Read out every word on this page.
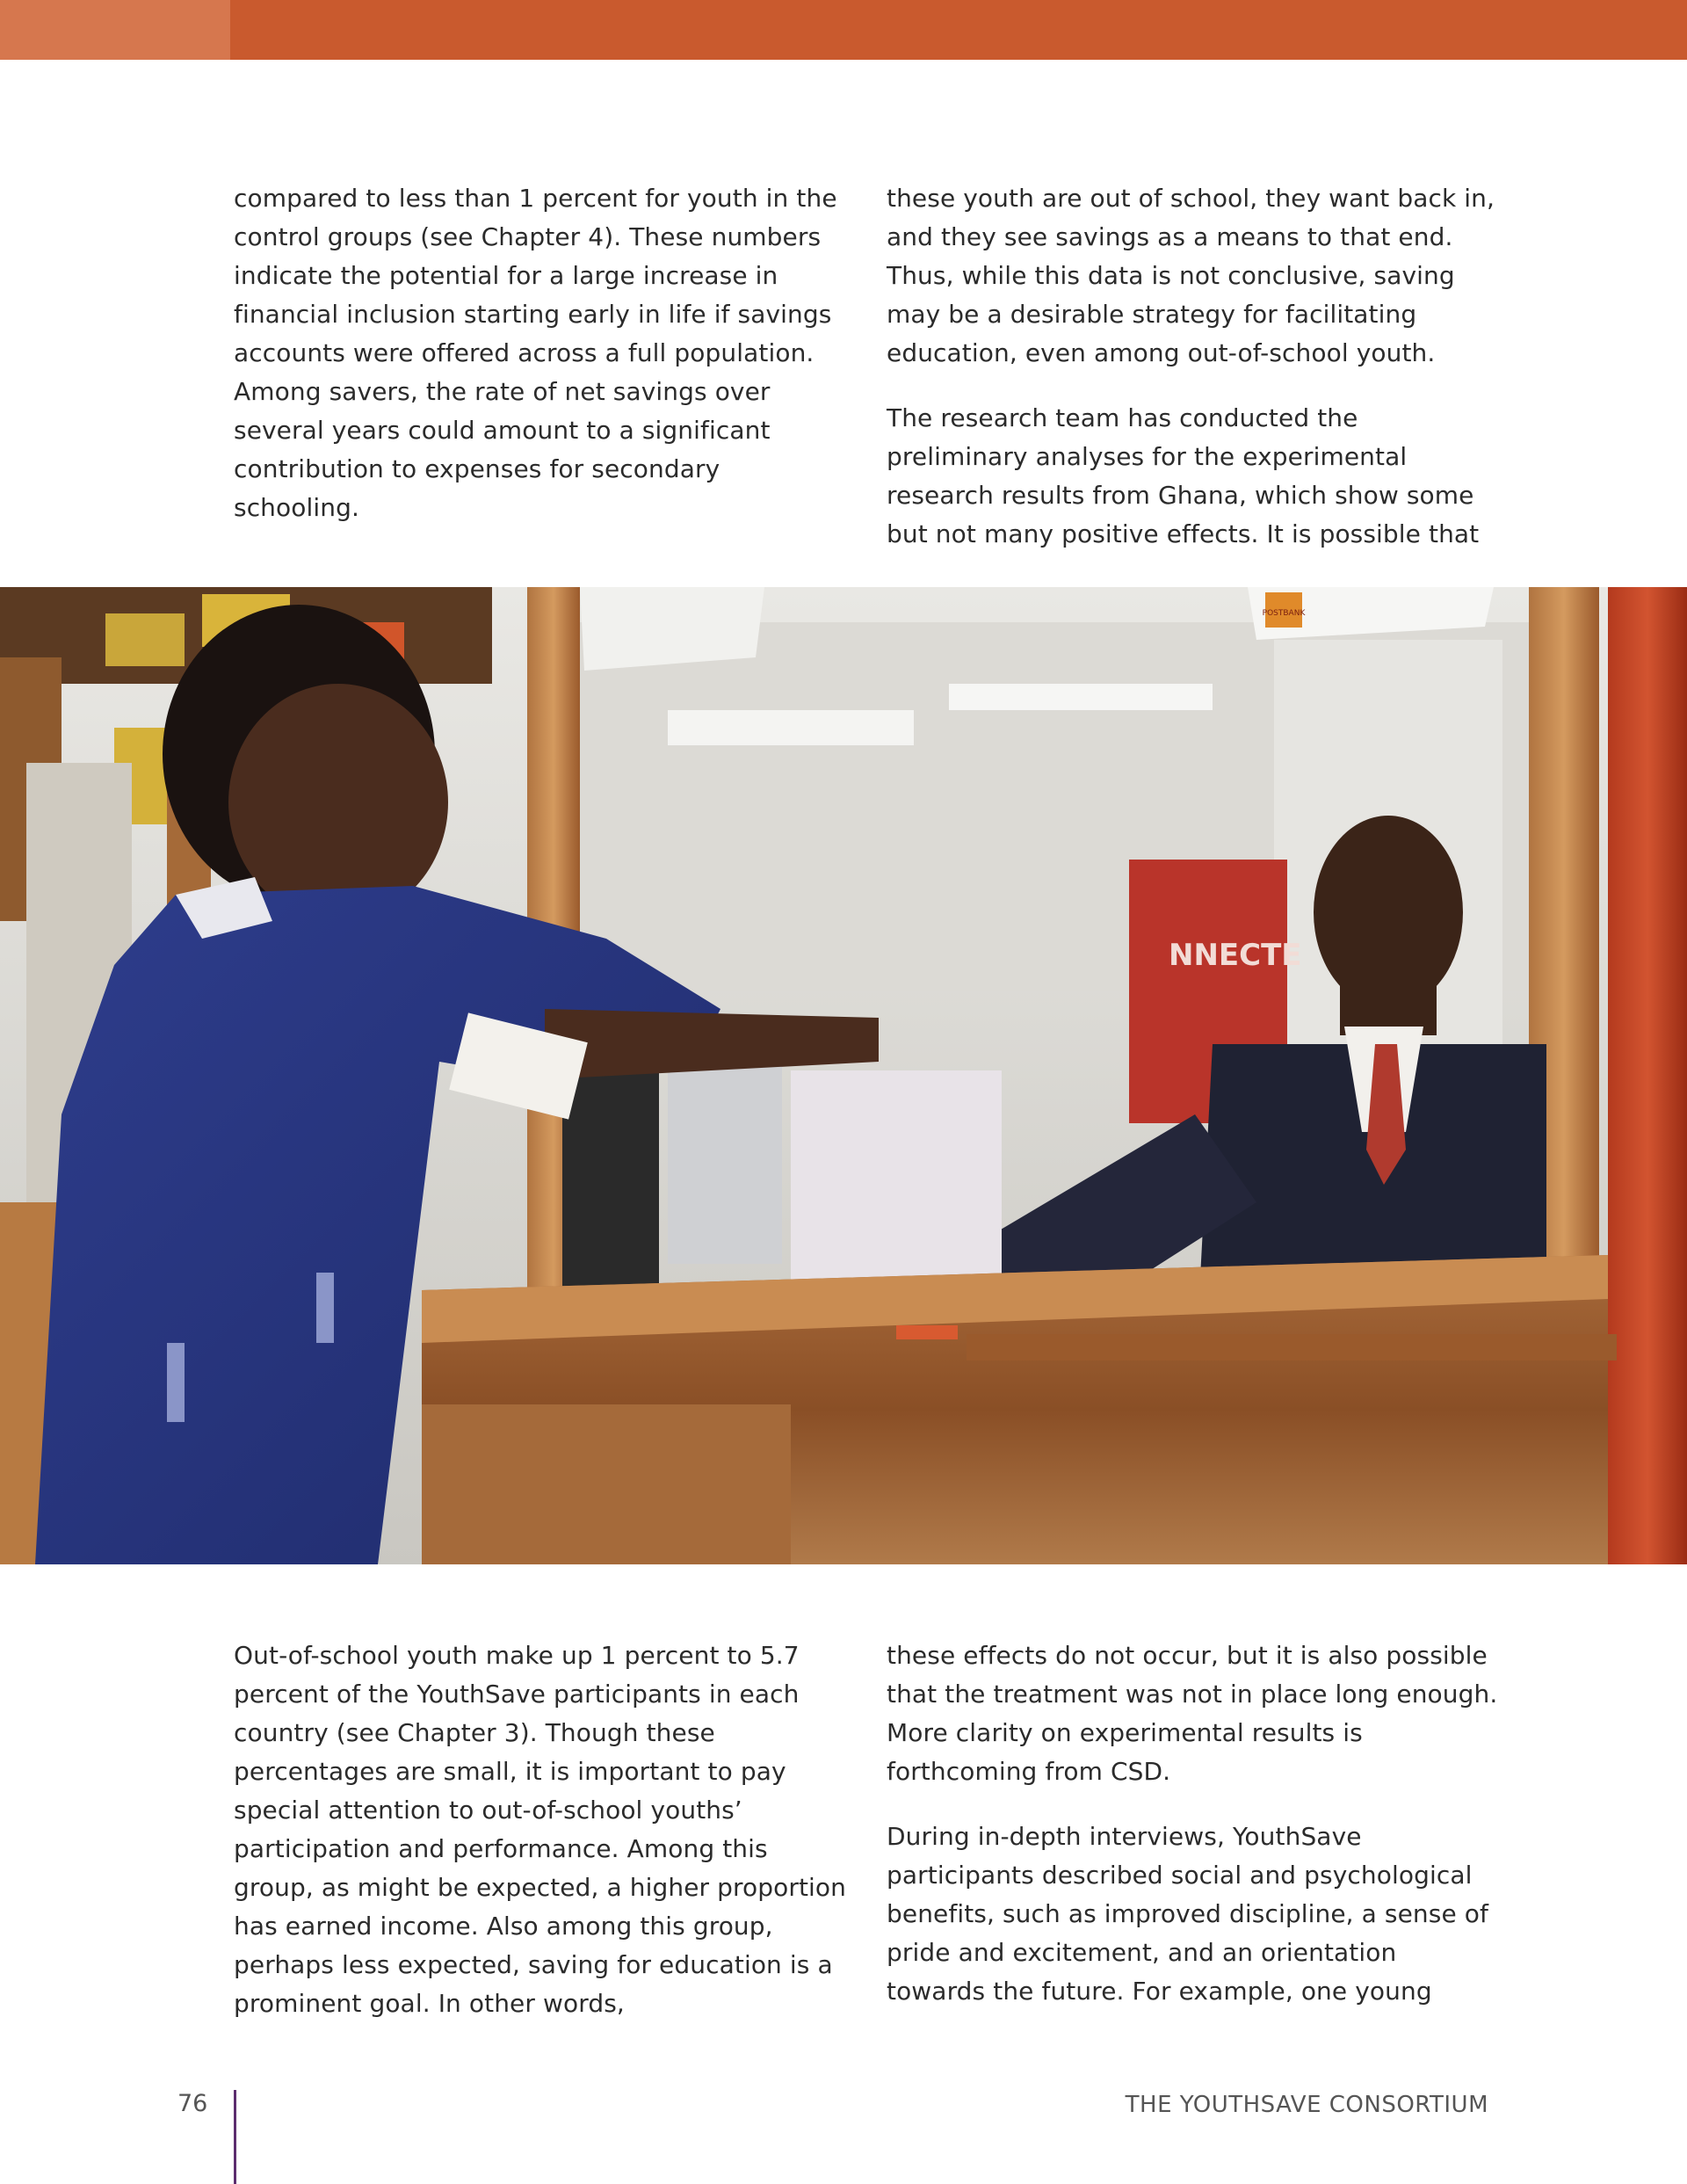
compared to less than 1 percent for youth in the control groups (see Chapter 4). These numbers indicate the potential for a large increase in financial inclusion starting early in life if savings accounts were offered across a full population. Among savers, the rate of net savings over several years could amount to a significant contribution to expenses for secondary schooling.

these youth are out of school, they want back in, and they see savings as a means to that end. Thus, while this data is not conclusive, saving may be a desirable strategy for facilitating education, even among out-of-school youth.

The research team has conducted the preliminary analyses for the experimental research results from Ghana, which show some but not many positive effects. It is possible that

POSTBANK
NNECTE

Out-of-school youth make up 1 percent to 5.7 percent of the YouthSave participants in each country (see Chapter 3). Though these percentages are small, it is important to pay special attention to out-of-school youths’ participation and performance. Among this group, as might be expected, a higher proportion has earned income. Also among this group, perhaps less expected, saving for education is a prominent goal. In other words,

these effects do not occur, but it is also possible that the treatment was not in place long enough. More clarity on experimental results is forthcoming from CSD.

During in-depth interviews, YouthSave participants described social and psychological benefits, such as improved discipline, a sense of pride and excitement, and an orientation towards the future. For example, one young

76	THE YOUTHSAVE CONSORTIUM
